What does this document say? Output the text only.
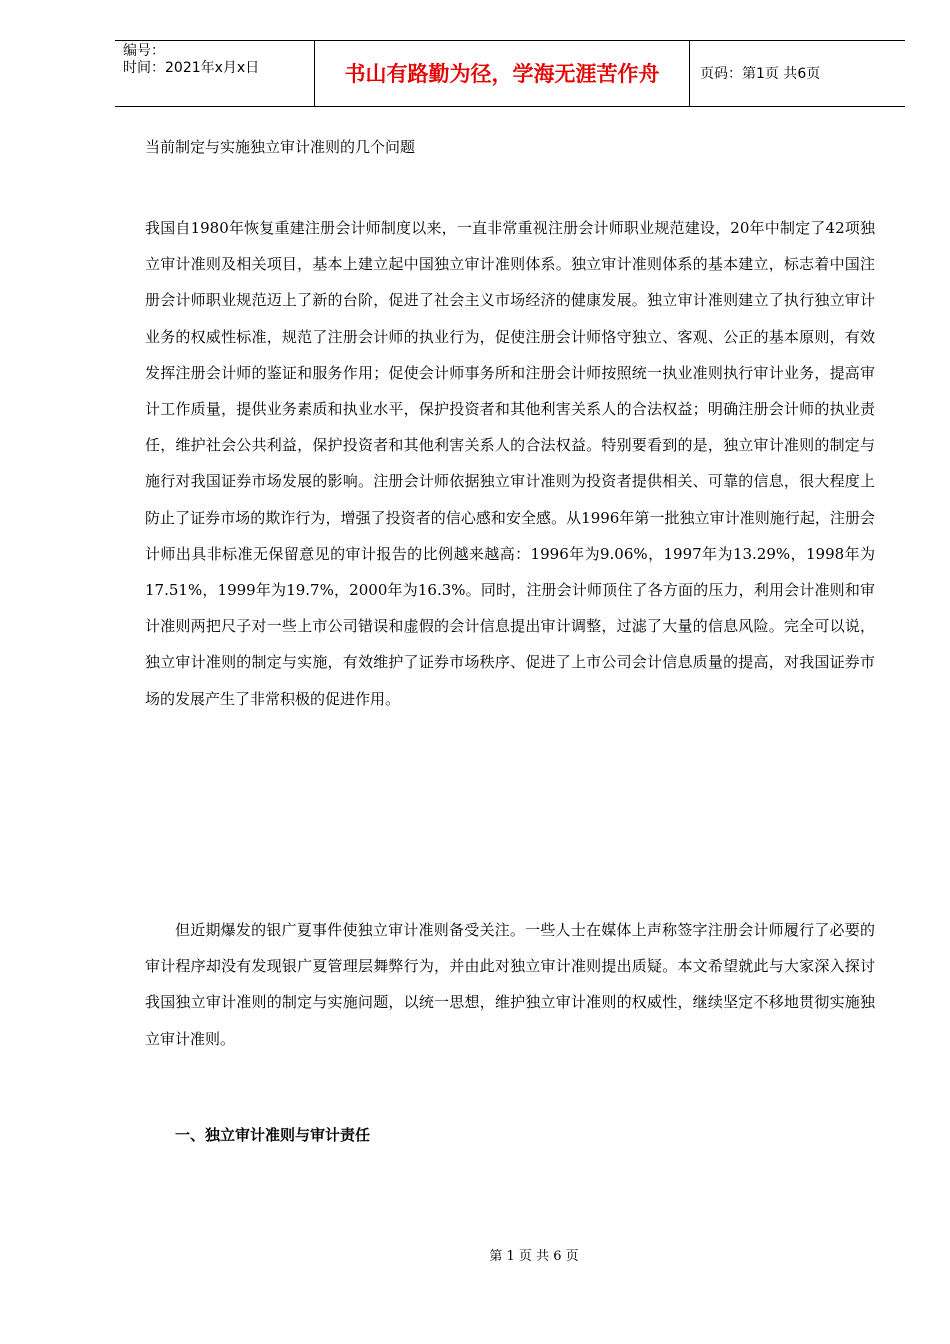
编号：
时间：2021年x月x日	书山有路勤为径，学海无涯苦作舟	页码：第1页 共6页
当前制定与实施独立审计准则的几个问题

我国自1980年恢复重建注册会计师制度以来，一直非常重视注册会计师职业规范建设，20年中制定了42项独立审计准则及相关项目，基本上建立起中国独立审计准则体系。独立审计准则体系的基本建立，标志着中国注册会计师职业规范迈上了新的台阶，促进了社会主义市场经济的健康发展。独立审计准则建立了执行独立审计业务的权威性标准，规范了注册会计师的执业行为，促使注册会计师恪守独立、客观、公正的基本原则，有效发挥注册会计师的鉴证和服务作用；促使会计师事务所和注册会计师按照统一执业准则执行审计业务，提高审计工作质量，提供业务素质和执业水平，保护投资者和其他利害关系人的合法权益；明确注册会计师的执业责任，维护社会公共利益，保护投资者和其他利害关系人的合法权益。特别要看到的是，独立审计准则的制定与施行对我国证券市场发展的影响。注册会计师依据独立审计准则为投资者提供相关、可靠的信息，很大程度上防止了证券市场的欺诈行为，增强了投资者的信心感和安全感。从1996年第一批独立审计准则施行起，注册会计师出具非标准无保留意见的审计报告的比例越来越高：1996年为9.06%，1997年为13.29%，1998年为17.51%，1999年为19.7%，2000年为16.3%。同时，注册会计师顶住了各方面的压力，利用会计准则和审计准则两把尺子对一些上市公司错误和虚假的会计信息提出审计调整，过滤了大量的信息风险。完全可以说，独立审计准则的制定与实施，有效维护了证券市场秩序、促进了上市公司会计信息质量的提高，对我国证券市场的发展产生了非常积极的促进作用。

但近期爆发的银广夏事件使独立审计准则备受关注。一些人士在媒体上声称签字注册会计师履行了必要的审计程序却没有发现银广夏管理层舞弊行为，并由此对独立审计准则提出质疑。本文希望就此与大家深入探讨我国独立审计准则的制定与实施问题，以统一思想，维护独立审计准则的权威性，继续坚定不移地贯彻实施独立审计准则。

一、独立审计准则与审计责任
第 1 页 共 6 页
